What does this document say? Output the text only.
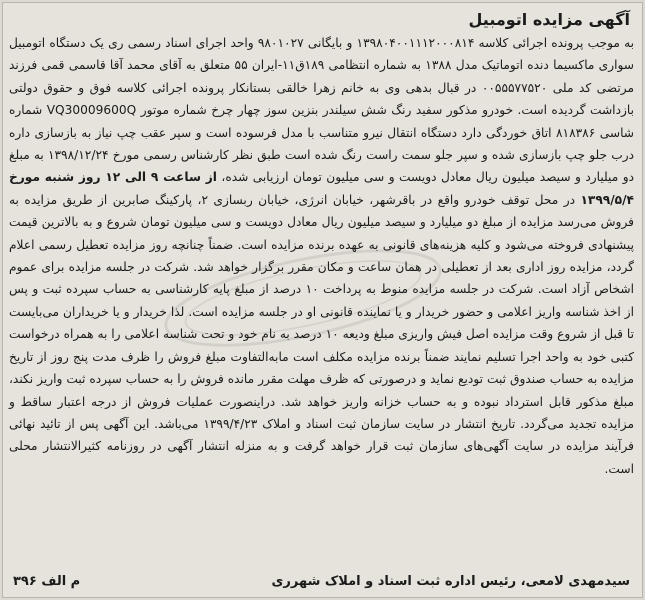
آگهی مزایده اتومبیل

به موجب پرونده اجرائی کلاسه ۱۳۹۸۰۴۰۰۱۱۱۲۰۰۰۸۱۴ و بایگانی ۹۸۰۱۰۲۷ واحد اجرای اسناد رسمی ری یک دستگاه اتومبیل سواری ماکسیما دنده اتوماتیک مدل ۱۳۸۸ به شماره انتظامی ۱۸۹ق۱۱-ایران ۵۵ متعلق به آقای محمد آقا قاسمی قمی فرزند مرتضی کد ملی ۰۰۵۵۵۷۷۵۲۰ در قبال بدهی وی به خانم زهرا خالقی بستانکار پرونده اجرائی کلاسه فوق و حقوق دولتی بازداشت گردیده است. خودرو مذکور سفید رنگ شش سیلندر بنزین سوز چهار چرخ شماره موتور VQ30009600Q شماره شاسی ۸۱۸۳۸۶ اتاق خوردگی دارد دستگاه انتقال نیرو متناسب با مدل فرسوده است و سپر عقب چپ نیاز به بازسازی داره درب جلو چپ بازسازی شده و سپر جلو سمت راست رنگ شده است طبق نظر کارشناس رسمی مورخ ۱۳۹۸/۱۲/۲۴ به مبلغ دو میلیارد و سیصد میلیون ریال معادل دویست و سی میلیون تومان ارزیابی شده، از ساعت ۹ الی ۱۲ روز شنبه مورخ ۱۳۹۹/۵/۴ در محل توقف خودرو واقع در باقرشهر، خیابان انرژی، خیابان ربسازی ۲، پارکینگ صابرین از طریق مزایده به فروش می‌رسد مزایده از مبلغ دو میلیارد و سیصد میلیون ریال معادل دویست و سی میلیون تومان شروع و به بالاترین قیمت پیشنهادی فروخته می‌شود و کلیه هزینه‌های قانونی به عهده برنده مزایده است. ضمناً چنانچه روز مزایده تعطیل رسمی اعلام گردد، مزایده روز اداری بعد از تعطیلی در همان ساعت و مکان مقرر برگزار خواهد شد. شرکت در جلسه مزایده برای عموم اشخاص آزاد است. شرکت در جلسه مزایده منوط به پرداخت ۱۰ درصد از مبلغ پایه کارشناسی به حساب سپرده ثبت و پس از اخذ شناسه واریز اعلامی و حضور خریدار و یا نماینده قانونی او در جلسه مزایده است. لذا خریدار و یا خریداران می‌بایست تا قبل از شروع وقت مزایده اصل فیش واریزی مبلغ ودیعه ۱۰ درصد به نام خود و تحت شناسه اعلامی را به همراه درخواست کتبی خود به واحد اجرا تسلیم نمایند ضمناً برنده مزایده مکلف است مابه‌التفاوت مبلغ فروش را ظرف مدت پنج روز از تاریخ مزایده به حساب صندوق ثبت تودیع نماید و درصورتی که ظرف مهلت مقرر مانده فروش را به حساب سپرده ثبت واریز نکند، مبلغ مذکور قابل استرداد نبوده و به حساب خزانه واریز خواهد شد. دراینصورت عملیات فروش از درجه اعتبار ساقط و مزایده تجدید می‌گردد. تاریخ انتشار در سایت سازمان ثبت اسناد و املاک ۱۳۹۹/۴/۲۳ می‌باشد. این آگهی پس از تائید نهائی فرآیند مزایده در سایت آگهی‌های سازمان ثبت قرار خواهد گرفت و به منزله انتشار آگهی در روزنامه کثیرالانتشار محلی است.

سیدمهدی لامعی، رئیس اداره ثبت اسناد و املاک شهرری
م الف ۳۹۶
